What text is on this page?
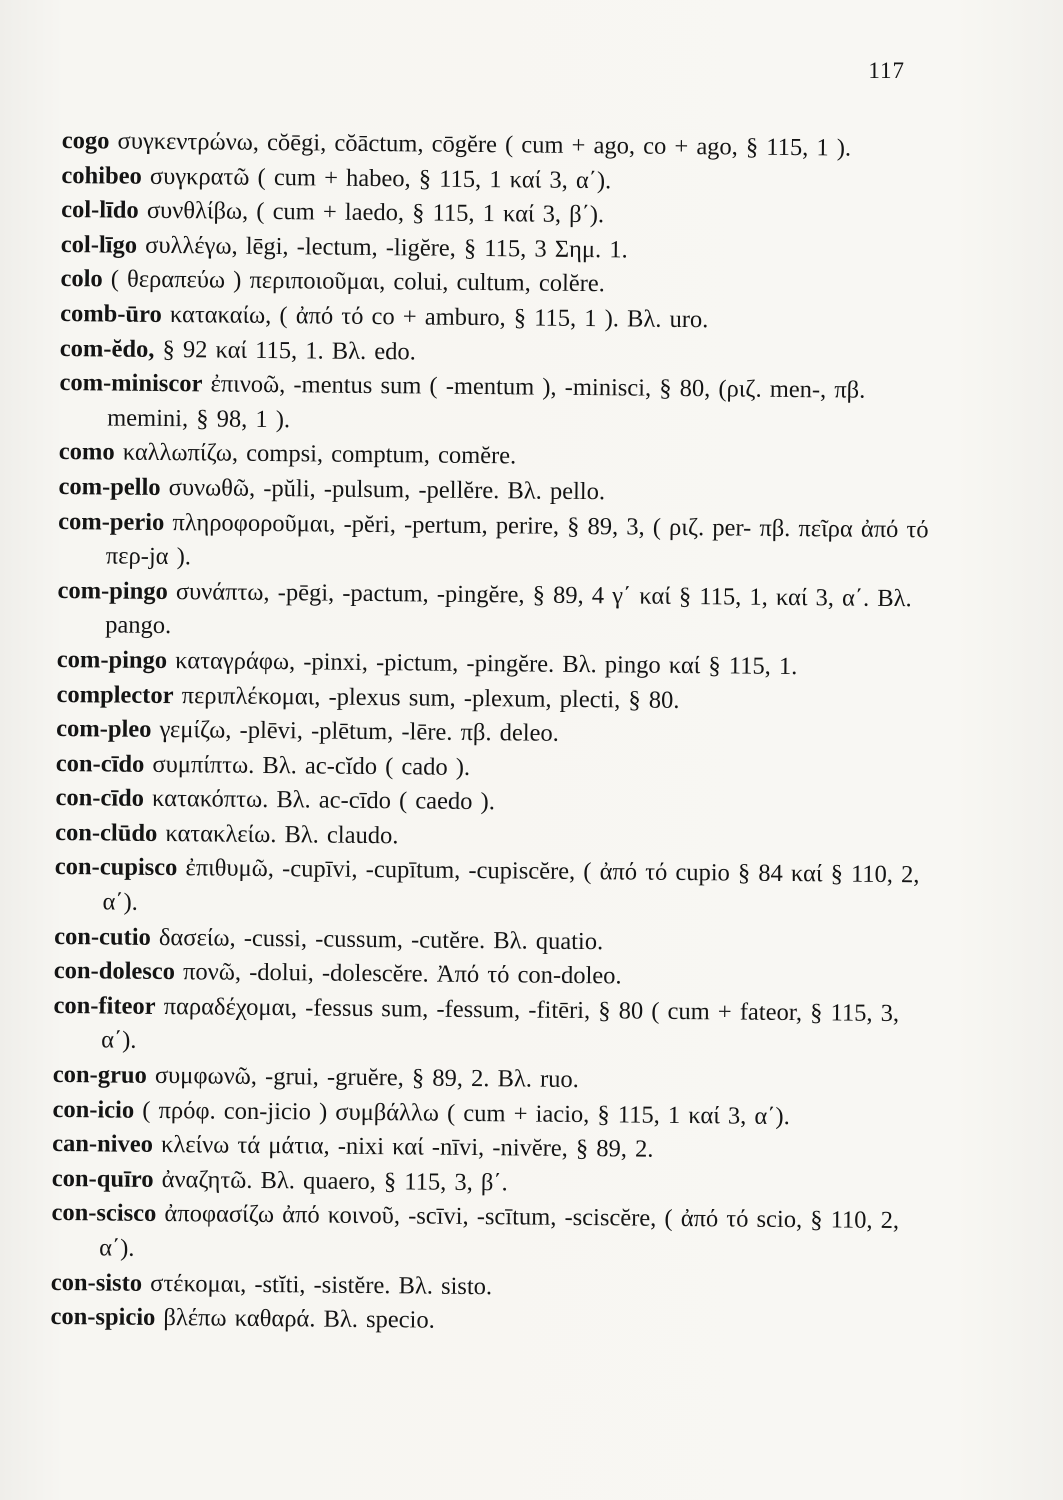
117

cogo συγκεντρώνω, cŏēgi, cŏāctum, cōgĕre ( cum + ago, co + ago, § 115, 1 ).

cohibeo συγκρατῶ ( cum + habeo, § 115, 1 καί 3, α΄).

col-līdo συνθλίβω, ( cum + laedo, § 115, 1 καί 3, β΄).

col-līgo συλλέγω, lēgi, -lectum, -ligĕre, § 115, 3 Σημ. 1.

colo ( θεραπεύω ) περιποιοῦμαι, colui, cultum, colĕre.

comb-ūro κατακαίω, ( ἀπό τό co + amburo, § 115, 1 ). Βλ. uro.

com-ĕdo, § 92 καί 115, 1. Βλ. edo.

com-miniscor ἐπινοῶ, -mentus sum ( -mentum ), -minisci, § 80, (ριζ. men-, πβ. memini, § 98, 1 ).

como καλλωπίζω, compsi, comptum, comĕre.

com-pello συνωθῶ, -pŭli, -pulsum, -pellĕre. Βλ. pello.

com-perio πληροφοροῦμαι, -pĕri, -pertum, perire, § 89, 3, ( ριζ. per- πβ. πεῖρα ἀπό τό περ-jα ).

com-pingo συνάπτω, -pēgi, -pactum, -pingĕre, § 89, 4 γ΄ καί § 115, 1, καί 3, α΄. Βλ. pango.

com-pingo καταγράφω, -pinxi, -pictum, -pingĕre. Βλ. pingo καί § 115, 1.

complector περιπλέκομαι, -plexus sum, -plexum, plecti, § 80.

com-pleo γεμίζω, -plēvi, -plētum, -lēre. πβ. deleo.

con-cīdo συμπίπτω. Βλ. ac-cĭdo ( cado ).

con-cīdo κατακόπτω. Βλ. ac-cīdo ( caedo ).

con-clūdo κατακλείω. Βλ. claudo.

con-cupisco ἐπιθυμῶ, -cupīvi, -cupītum, -cupiscĕre, ( ἀπό τό cupio § 84 καί § 110, 2, α΄).

con-cutio δασείω, -cussi, -cussum, -cutĕre. Βλ. quatio.

con-dolesco πονῶ, -dolui, -dolescĕre. Ἀπό τό con-doleo.

con-fiteor παραδέχομαι, -fessus sum, -fessum, -fitēri, § 80 ( cum + fateor, § 115, 3, α΄).

con-gruo συμφωνῶ, -grui, -gruĕre, § 89, 2. Βλ. ruo.

con-icio ( πρόφ. con-jicio ) συμβάλλω ( cum + iacio, § 115, 1 καί 3, α΄).

can-niveo κλείνω τά μάτια, -nixi καί -nīvi, -nivĕre, § 89, 2.

con-quīro ἀναζητῶ. Βλ. quaero, § 115, 3, β΄.

con-scisco ἀποφασίζω ἀπό κοινοῦ, -scīvi, -scītum, -sciscĕre, ( ἀπό τό scio, § 110, 2, α΄).

con-sisto στέκομαι, -stĭti, -sistĕre. Βλ. sisto.

con-spicio βλέπω καθαρά. Βλ. specio.
